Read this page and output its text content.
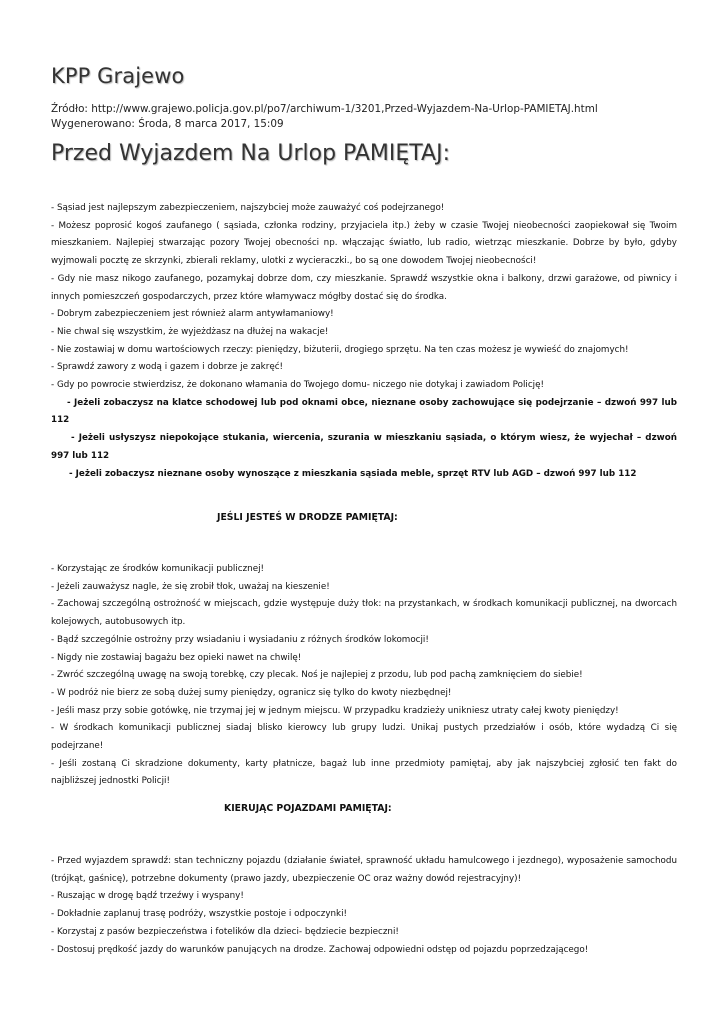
KPP Grajewo
Źródło: http://www.grajewo.policja.gov.pl/po7/archiwum-1/3201,Przed-Wyjazdem-Na-Urlop-PAMIETAJ.html
Wygenerowano: Środa, 8 marca 2017, 15:09
Przed Wyjazdem Na Urlop PAMIĘTAJ:

- Sąsiad jest najlepszym zabezpieczeniem, najszybciej może zauważyć coś podejrzanego!

- Możesz poprosić kogoś zaufanego ( sąsiada, członka rodziny, przyjaciela itp.) żeby w czasie Twojej nieobecności zaopiekował się Twoim mieszkaniem. Najlepiej stwarzając pozory Twojej obecności np. włączając światło, lub radio, wietrząc mieszkanie. Dobrze by było, gdyby wyjmowali pocztę ze skrzynki, zbierali reklamy, ulotki z wycieraczki., bo są one dowodem Twojej nieobecności!

- Gdy nie masz nikogo zaufanego, pozamykaj dobrze dom, czy mieszkanie. Sprawdź wszystkie okna i balkony, drzwi garażowe, od piwnicy i innych pomieszczeń gospodarczych, przez które włamywacz mógłby dostać się do środka.

- Dobrym zabezpieczeniem jest również alarm antywłamaniowy!

- Nie chwal się wszystkim, że wyjeżdżasz na dłużej na wakacje!

- Nie zostawiaj w domu wartościowych rzeczy: pieniędzy, biżuterii, drogiego sprzętu. Na ten czas możesz je wywieść do znajomych!

- Sprawdź zawory z wodą i gazem i dobrze je zakręć!

- Gdy po powrocie stwierdzisz, że dokonano włamania do Twojego domu- niczego nie dotykaj i zawiadom Policję!

- Jeżeli zobaczysz na klatce schodowej lub pod oknami obce, nieznane osoby zachowujące się podejrzanie – dzwoń 997 lub 112

- Jeżeli usłyszysz niepokojące stukania, wiercenia, szurania w mieszkaniu sąsiada, o którym wiesz, że wyjechał – dzwoń 997 lub 112

- Jeżeli zobaczysz nieznane osoby wynoszące z mieszkania sąsiada meble, sprzęt RTV lub AGD – dzwoń 997 lub 112

JEŚLI JESTEŚ W DRODZE PAMIĘTAJ:

- Korzystając ze środków komunikacji publicznej!

- Jeżeli zauważysz nagle, że się zrobił tłok, uważaj na kieszenie!

- Zachowaj szczególną ostrożność w miejscach, gdzie występuje duży tłok: na przystankach, w środkach komunikacji publicznej, na dworcach kolejowych, autobusowych itp.

- Bądź szczególnie ostrożny przy wsiadaniu i wysiadaniu z różnych środków lokomocji!

- Nigdy nie zostawiaj bagażu bez opieki nawet na chwilę!

- Zwróć szczególną uwagę na swoją torebkę, czy plecak. Noś je najlepiej z przodu, lub pod pachą zamknięciem do siebie!

- W podróż nie bierz ze sobą dużej sumy pieniędzy, ogranicz się tylko do kwoty niezbędnej!

- Jeśli masz przy sobie gotówkę, nie trzymaj jej w jednym miejscu. W przypadku kradzieży unikniesz utraty całej kwoty pieniędzy!

- W środkach komunikacji publicznej siadaj blisko kierowcy lub grupy ludzi. Unikaj pustych przedziałów i osób, które wydadzą Ci się podejrzane!

- Jeśli zostaną Ci skradzione dokumenty, karty płatnicze, bagaż lub inne przedmioty pamiętaj, aby jak najszybciej zgłosić ten fakt do najbliższej jednostki Policji!

KIERUJĄC POJAZDAMI PAMIĘTAJ:

- Przed wyjazdem sprawdź: stan techniczny pojazdu (działanie świateł, sprawność układu hamulcowego i jezdnego), wyposażenie samochodu (trójkąt, gaśnicę), potrzebne dokumenty (prawo jazdy, ubezpieczenie OC oraz ważny dowód rejestracyjny)!

- Ruszając w drogę bądź trzeźwy i wyspany!

- Dokładnie zaplanuj trasę podróży, wszystkie postoje i odpoczynki!

- Korzystaj z pasów bezpieczeństwa i fotelików dla dzieci- będziecie bezpieczni!

- Dostosuj prędkość jazdy do warunków panujących na drodze. Zachowaj odpowiedni odstęp od pojazdu poprzedzającego!
